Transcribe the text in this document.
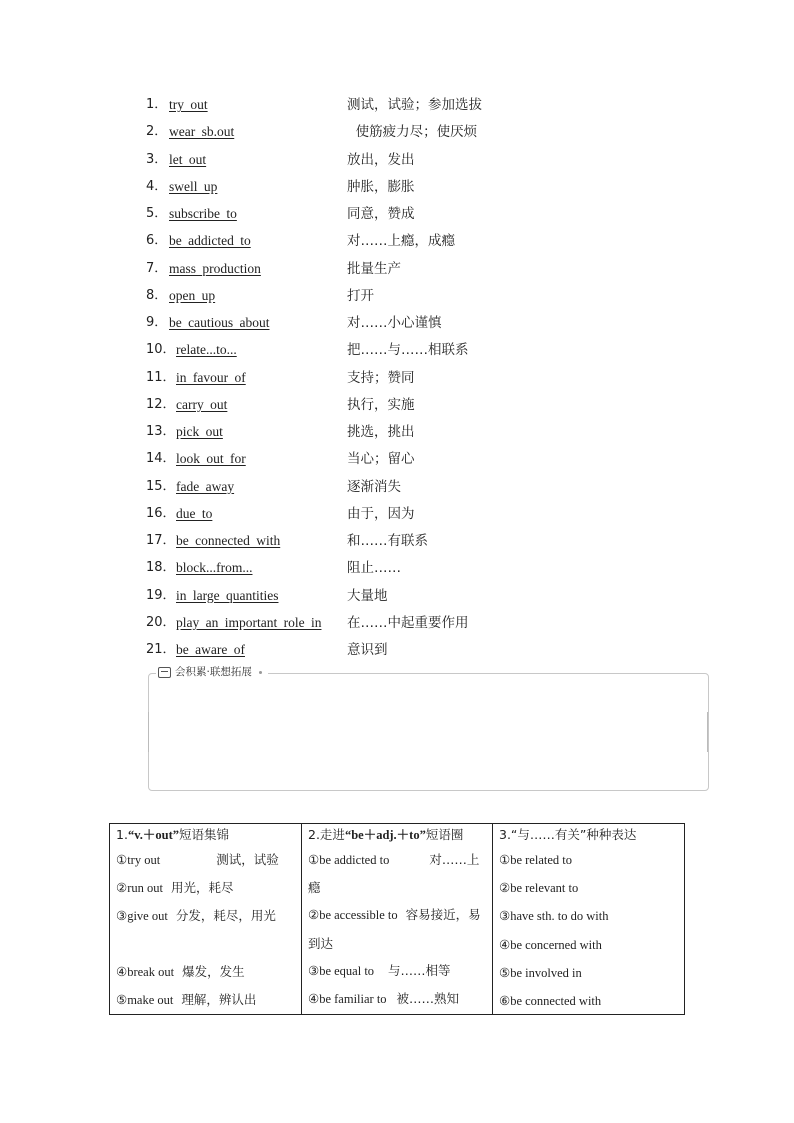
1． try out	测试，试验；参加选拔
2． wear sb.out	使筋疲力尽；使厌烦
3． let out	放出，发出
4． swell up	肿胀，膨胀
5． subscribe to	同意，赞成
6． be addicted to	对……上瘾，成瘾
7． mass production	批量生产
8． open up	打开
9． be cautious about	对……小心谨慎
10． relate...to...	把……与……相联系
11． in favour of	支持；赞同
12． carry out	执行，实施
13． pick out	挑选，挑出
14． look out for	当心；留心
15． fade away	逐渐消失
16． due to	由于，因为
17． be connected with	和……有联系
18． block...from...	阻止……
19． in large quantities	大量地
20． play an important role in 在……中起重要作用
21． be aware of	意识到
会积累·联想拓展
1.“v.＋out”短语集锦
①try out	测试，试验
②run out 用光，耗尽
③give out 分发，耗尽，用光
④break out 爆发，发生
⑤make out 理解，辨认出
2.走进“be＋adj.＋to”短语圈
①be addicted to	对……上瘾
②be accessible to 容易接近，易到达
③be equal to 与……相等
④be familiar to 被……熟知
3.“与……有关”种种表达
①be related to
②be relevant to
③have sth. to do with
④be concerned with
⑤be involved in
⑥be connected with
